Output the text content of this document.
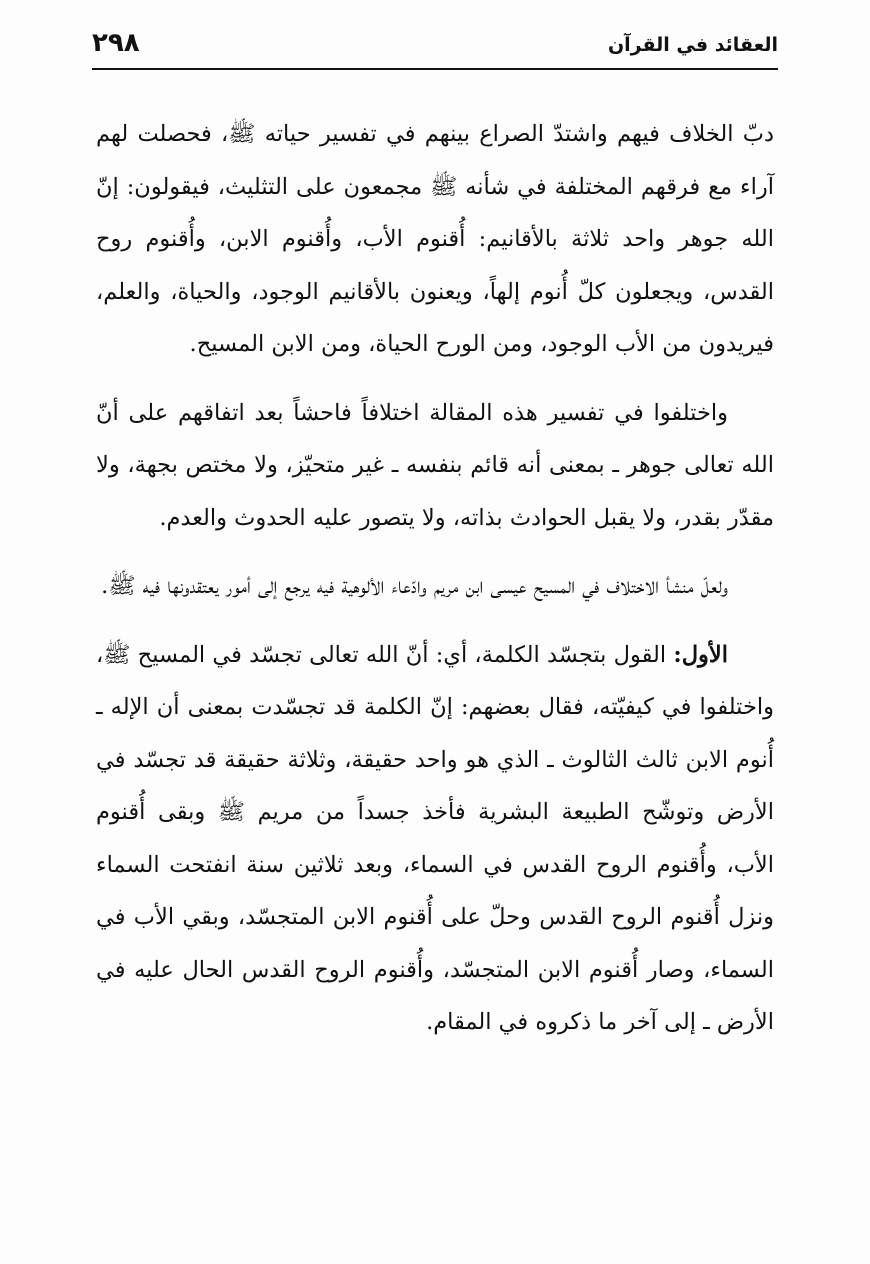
٢٩٨	العقائد في القرآن

دبّ الخلاف فيهم واشتدّ الصراع بينهم في تفسير حياته ﷺ، فحصلت لهم آراء مع فرقهم المختلفة في شأنه ﷺ مجمعون على التثليث، فيقولون: إنّ الله جوهر واحد ثلاثة بالأقانيم: أُقنوم الأب، وأُقنوم الابن، وأُقنوم روح القدس، ويجعلون كلّ أُنوم إلهاً، ويعنون بالأقانيم الوجود، والحياة، والعلم، فيريدون من الأب الوجود، ومن الورح الحياة، ومن الابن المسيح.

واختلفوا في تفسير هذه المقالة اختلافاً فاحشاً بعد اتفاقهم على أنّ الله تعالى جوهر ـ بمعنى أنه قائم بنفسه ـ غير متحيّز، ولا مختص بجهة، ولا مقدّر بقدر، ولا يقبل الحوادث بذاته، ولا يتصور عليه الحدوث والعدم.

ولعلّ منشأ الاختلاف في المسيح عيسى ابن مريم وادّعاء الألوهية فيه يرجع إلى أمور يعتقدونها فيه ﷺ.

الأول: القول بتجسّد الكلمة، أي: أنّ الله تعالى تجسّد في المسيح ﷺ، واختلفوا في كيفيّته، فقال بعضهم: إنّ الكلمة قد تجسّدت بمعنى أن الإله ـ أُنوم الابن ثالث الثالوث ـ الذي هو واحد حقيقة، وثلاثة حقيقة قد تجسّد في الأرض وتوشّح الطبيعة البشرية فأخذ جسداً من مريم ﷺ وبقى أُقنوم الأب، وأُقنوم الروح القدس في السماء، وبعد ثلاثين سنة انفتحت السماء ونزل أُقنوم الروح القدس وحلّ على أُقنوم الابن المتجسّد، وبقي الأب في السماء، وصار أُقنوم الابن المتجسّد، وأُقنوم الروح القدس الحال عليه في الأرض ـ إلى آخر ما ذكروه في المقام.
